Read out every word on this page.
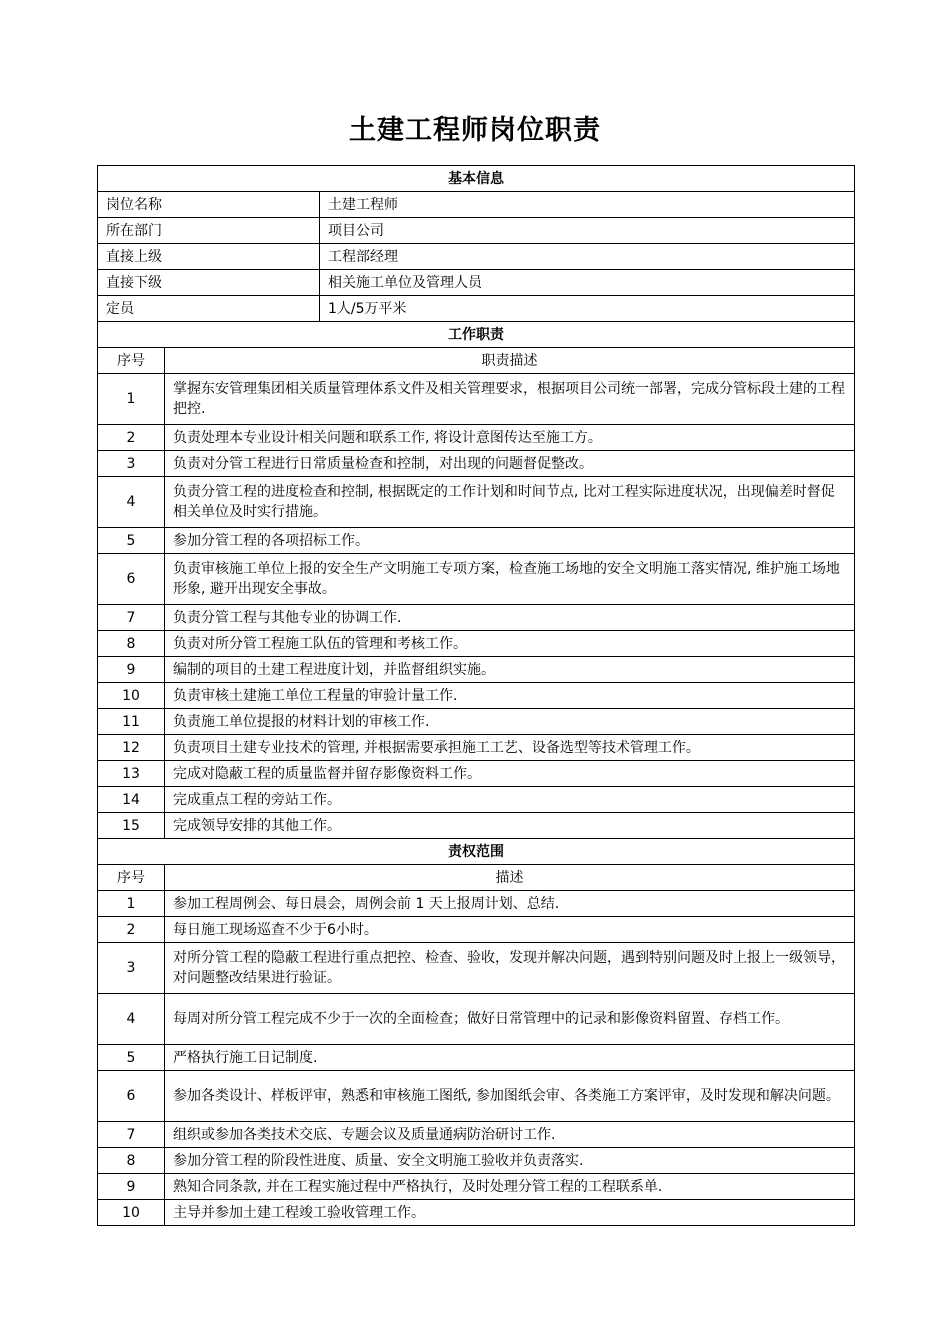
土建工程师岗位职责
基本信息		
岗位名称		土建工程师
所在部门		项目公司
直接上级		工程部经理
直接下级		相关施工单位及管理人员
定员		1人/5万平米
工作职责		
序号	职责描述	
1	掌握东安管理集团相关质量管理体系文件及相关管理要求，根据项目公司统一部署，完成分管标段土建的工程把控.	
2	负责处理本专业设计相关问题和联系工作, 将设计意图传达至施工方。	
3	负责对分管工程进行日常质量检查和控制，对出现的问题督促整改。	
4	负责分管工程的进度检查和控制, 根据既定的工作计划和时间节点, 比对工程实际进度状况，出现偏差时督促相关单位及时实行措施。	
5	参加分管工程的各项招标工作。	
6	负责审核施工单位上报的安全生产文明施工专项方案，检查施工场地的安全文明施工落实情况, 维护施工场地形象, 避开出现安全事故。	
7	负责分管工程与其他专业的协调工作.	
8	负责对所分管工程施工队伍的管理和考核工作。	
9	编制的项目的土建工程进度计划，并监督组织实施。	
10	负责审核土建施工单位工程量的审验计量工作.	
11	负责施工单位提报的材料计划的审核工作.	
12	负责项目土建专业技术的管理, 并根据需要承担施工工艺、设备选型等技术管理工作。	
13	完成对隐蔽工程的质量监督并留存影像资料工作。	
14	完成重点工程的旁站工作。	
15	完成领导安排的其他工作。	
责权范围		
序号	描述	
1	参加工程周例会、每日晨会，周例会前 1 天上报周计划、总结.	
2	每日施工现场巡查不少于6小时。	
3	对所分管工程的隐蔽工程进行重点把控、检查、验收，发现并解决问题，遇到特别问题及时上报上一级领导，对问题整改结果进行验证。	
4	每周对所分管工程完成不少于一次的全面检查；做好日常管理中的记录和影像资料留置、存档工作。	
5	严格执行施工日记制度.	
6	参加各类设计、样板评审，熟悉和审核施工图纸, 参加图纸会审、各类施工方案评审，及时发现和解决问题。	
7	组织或参加各类技术交底、专题会议及质量通病防治研讨工作.	
8	参加分管工程的阶段性进度、质量、安全文明施工验收并负责落实.	
9	熟知合同条款, 并在工程实施过程中严格执行，及时处理分管工程的工程联系单.	
10	主导并参加土建工程竣工验收管理工作。	
